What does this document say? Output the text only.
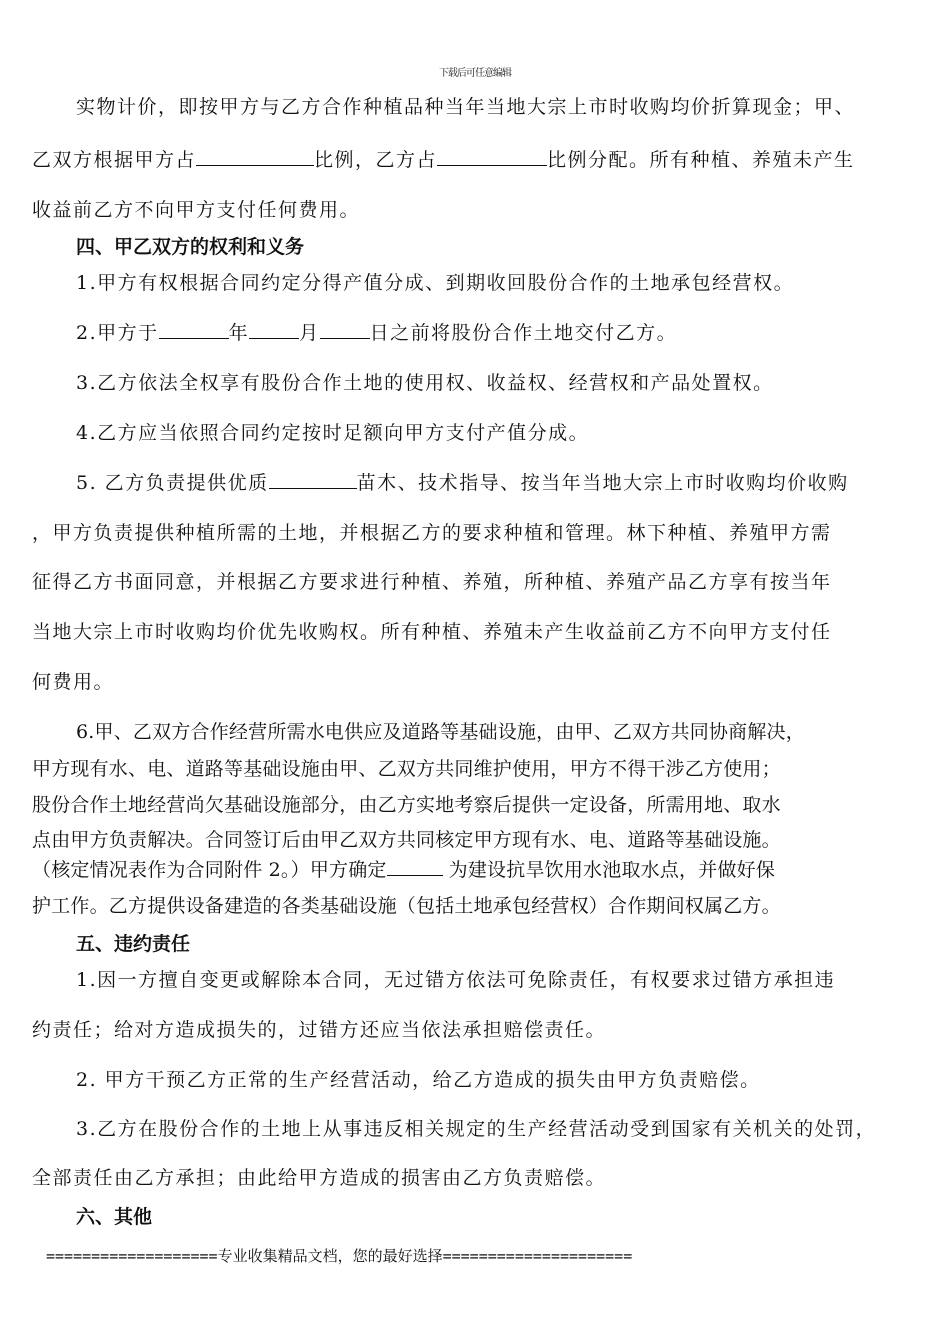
下载后可任意编辑
实物计价，即按甲方与乙方合作种植品种当年当地大宗上市时收购均价折算现金；甲、
乙双方根据甲方占	比例，乙方占	比例分配。所有种植、养殖未产生
收益前乙方不向甲方支付任何费用。
四、甲乙双方的权利和义务
1.甲方有权根据合同约定分得产值分成、到期收回股份合作的土地承包经营权。
2.甲方于	年	月	日之前将股份合作土地交付乙方。
3.乙方依法全权享有股份合作土地的使用权、收益权、经营权和产品处置权。
4.乙方应当依照合同约定按时足额向甲方支付产值分成。
5. 乙方负责提供优质	苗木、技术指导、按当年当地大宗上市时收购均价收购
，甲方负责提供种植所需的土地，并根据乙方的要求种植和管理。林下种植、养殖甲方需
征得乙方书面同意，并根据乙方要求进行种植、养殖，所种植、养殖产品乙方享有按当年
当地大宗上市时收购均价优先收购权。所有种植、养殖未产生收益前乙方不向甲方支付任
何费用。
6.甲、乙双方合作经营所需水电供应及道路等基础设施，由甲、乙双方共同协商解决，
甲方现有水、电、道路等基础设施由甲、乙双方共同维护使用，甲方不得干涉乙方使用；
股份合作土地经营尚欠基础设施部分，由乙方实地考察后提供一定设备，所需用地、取水
点由甲方负责解决。合同签订后由甲乙双方共同核定甲方现有水、电、道路等基础设施。
（核定情况表作为合同附件 2。）甲方确定	为建设抗旱饮用水池取水点，并做好保
护工作。乙方提供设备建造的各类基础设施（包括土地承包经营权）合作期间权属乙方。
五、违约责任
1.因一方擅自变更或解除本合同，无过错方依法可免除责任，有权要求过错方承担违
约责任；给对方造成损失的，过错方还应当依法承担赔偿责任。
2. 甲方干预乙方正常的生产经营活动，给乙方造成的损失由甲方负责赔偿。
3.乙方在股份合作的土地上从事违反相关规定的生产经营活动受到国家有关机关的处罚，
全部责任由乙方承担；由此给甲方造成的损害由乙方负责赔偿。
六、其他
===================专业收集精品文档，您的最好选择=====================
